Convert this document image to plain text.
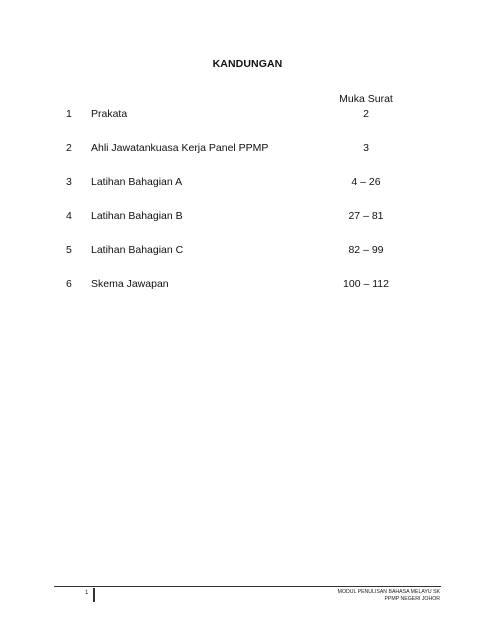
KANDUNGAN
Muka Surat
1	Prakata	2
2	Ahli Jawatankuasa Kerja Panel PPMP	3
3	Latihan Bahagian A	4 – 26
4	Latihan Bahagian B	27 – 81
5	Latihan Bahagian C	82 – 99
6	Skema Jawapan	100 – 112
1	MODUL PENULISAN BAHASA MELAYU SK
PPMP NEGERI JOHOR
